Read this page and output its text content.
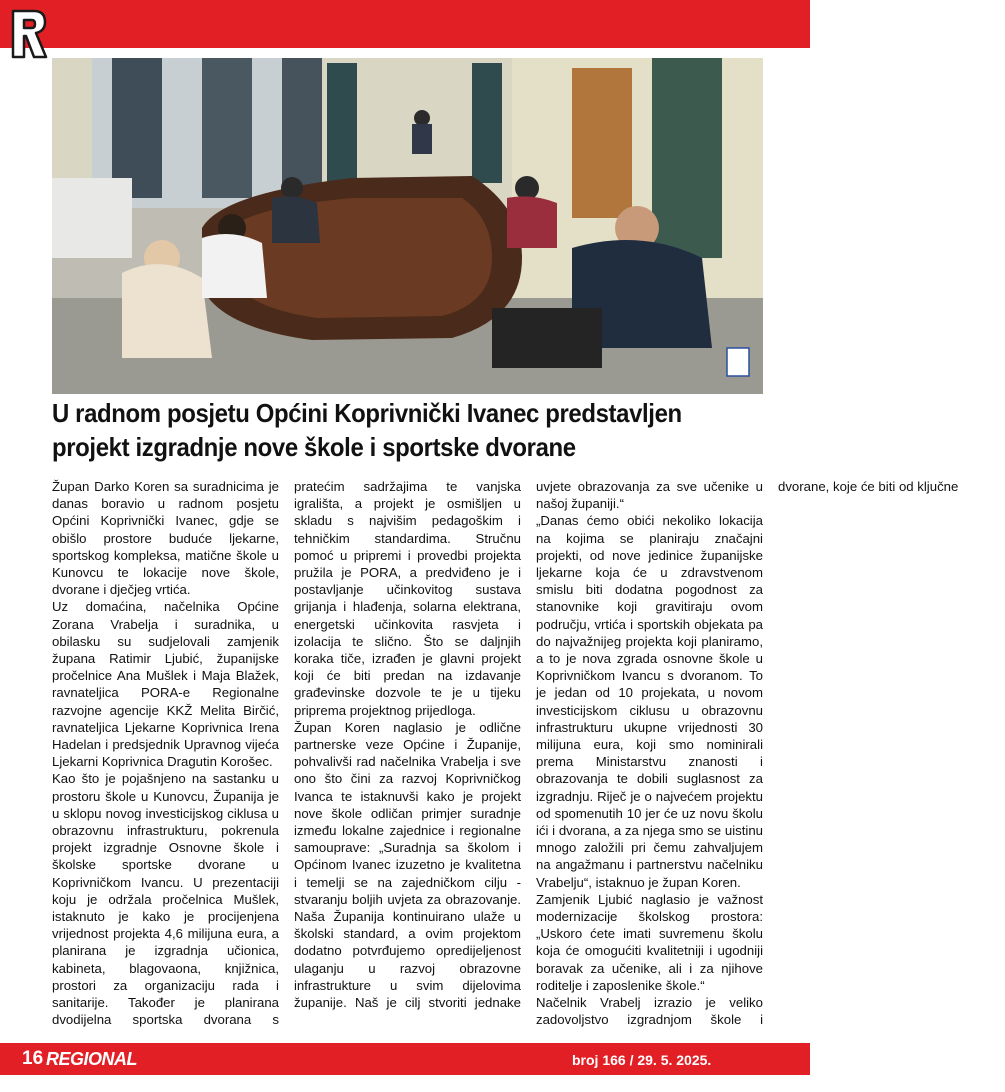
U radnom posjetu Općini Koprivnički Ivanec predstavljen projekt izgradnje nove škole i sportske dvorane

Župan Darko Koren sa suradnicima je danas boravio u radnom posjetu Općini Koprivnički Ivanec, gdje se obišlo prostore buduće ljekarne, sportskog kompleksa, matične škole u Kunovcu te lokacije nove škole, dvorane i dječjeg vrtića.

Uz domaćina, načelnika Općine Zorana Vrabelja i suradnika, u obilasku su sudjelovali zamjenik župana Ratimir Ljubić, županijske pročelnice Ana Mušlek i Maja Blažek, ravnateljica PORA-e Regionalne razvojne agencije KKŽ Melita Birčić, ravnateljica Ljekarne Koprivnica Irena Hadelan i predsjednik Upravnog vijeća Ljekarni Koprivnica Dragutin Korošec.

Kao što je pojašnjeno na sastanku u prostoru škole u Kunovcu, Županija je u sklopu novog investicijskog ciklusa u obrazovnu infrastrukturu, pokrenula projekt izgradnje Osnovne škole i školske sportske dvorane u Koprivničkom Ivancu. U prezentaciji koju je održala pročelnica Mušlek, istaknuto je kako je procijenjena vrijednost projekta 4,6 milijuna eura, a planirana je izgradnja učionica, kabineta, blagovaona, knjižnica, prostori za organizaciju rada i sanitarije. Također je planirana dvodijelna sportska dvorana s pratećim sadržajima te vanjska igrališta, a projekt je osmišljen u skladu s najvišim pedagoškim i tehničkim standardima. Stručnu pomoć u pripremi i provedbi projekta pružila je PORA, a predviđeno je i postavljanje učinkovitog sustava grijanja i hlađenja, solarna elektrana, energetski učinkovita rasvjeta i izolacija te slično. Što se daljnjih koraka tiče, izrađen je glavni projekt koji će biti predan na izdavanje građevinske dozvole te je u tijeku priprema projektnog prijedloga.

Župan Koren naglasio je odlične partnerske veze Općine i Županije, pohvalivši rad načelnika Vrabelja i sve ono što čini za razvoj Koprivničkog Ivanca te istaknuvši kako je projekt nove škole odličan primjer suradnje između lokalne zajednice i regionalne samouprave: „Suradnja sa školom i Općinom Ivanec izuzetno je kvalitetna i temelji se na zajedničkom cilju - stvaranju boljih uvjeta za obrazovanje. Naša Županija kontinuirano ulaže u školski standard, a ovim projektom dodatno potvrđujemo opredijeljenost ulaganju u razvoj obrazovne infrastrukture u svim dijelovima županije. Naš je cilj stvoriti jednake uvjete obrazovanja za sve učenike u našoj županiji.“

„Danas ćemo obići nekoliko lokacija na kojima se planiraju značajni projekti, od nove jedinice županijske ljekarne koja će u zdravstvenom smislu biti dodatna pogodnost za stanovnike koji gravitiraju ovom području, vrtića i sportskih objekata pa do najvažnijeg projekta koji planiramo, a to je nova zgrada osnovne škole u Koprivničkom Ivancu s dvoranom. To je jedan od 10 projekata, u novom investicijskom ciklusu u obrazovnu infrastrukturu ukupne vrijednosti 30 milijuna eura, koji smo nominirali prema Ministarstvu znanosti i obrazovanja te dobili suglasnost za izgradnju. Riječ je o najvećem projektu od spomenutih 10 jer će uz novu školu ići i dvorana, a za njega smo se uistinu mnogo založili pri čemu zahvaljujem na angažmanu i partnerstvu načelniku Vrabelju“, istaknuo je župan Koren.

Zamjenik Ljubić naglasio je važnost modernizacije školskog prostora: „Uskoro ćete imati suvremenu školu koja će omogućiti kvalitetniji i ugodniji boravak za učenike, ali i za njihove roditelje i zaposlenike škole.“

Načelnik Vrabelj izrazio je veliko zadovoljstvo izgradnjom škole i dvorane, koje će biti od ključne

16 REGIONAL	broj 166 / 29. 5. 2025.
